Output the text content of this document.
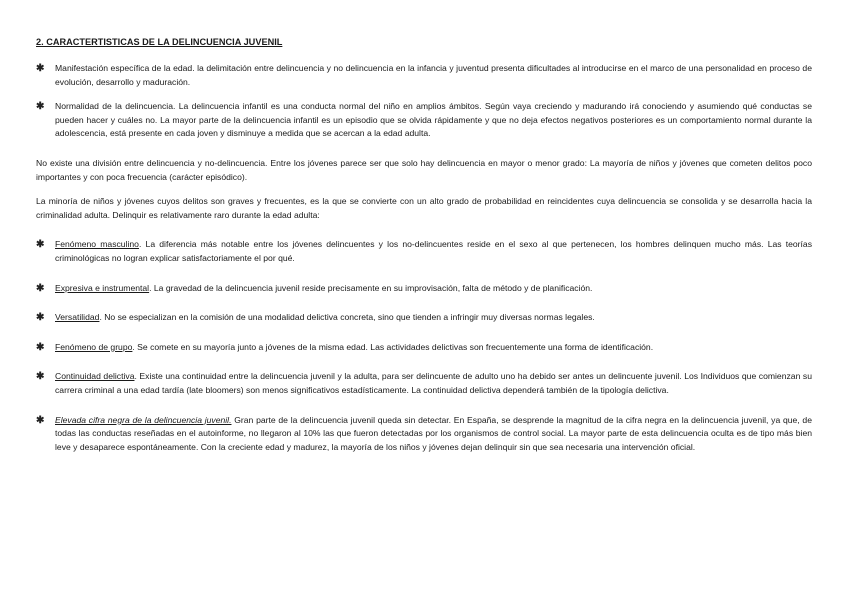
2. CARACTERTISTICAS DE LA DELINCUENCIA JUVENIL
✱	Manifestación específica de la edad. la delimitación entre delincuencia y no delincuencia en la infancia y juventud presenta dificultades al introducirse en el marco de una personalidad en proceso de evolución, desarrollo y maduración.
✱	Normalidad de la delincuencia. La delincuencia infantil es una conducta normal del niño en amplios ámbitos. Según vaya creciendo y madurando irá conociendo y asumiendo qué conductas se pueden hacer y cuáles no. La mayor parte de la delincuencia infantil es un episodio que se olvida rápidamente y que no deja efectos negativos posteriores es un comportamiento normal durante la adolescencia, está presente en cada joven y disminuye a medida que se acercan a la edad adulta.
No existe una división entre delincuencia y no-delincuencia. Entre los jóvenes parece ser que solo hay delincuencia en mayor o menor grado: La mayoría de niños y jóvenes que cometen delitos poco importantes y con poca frecuencia (carácter episódico).
La minoría de niños y jóvenes cuyos delitos son graves y frecuentes, es la que se convierte con un alto grado de probabilidad en reincidentes cuya delincuencia se consolida y se desarrolla hacia la criminalidad adulta. Delinquir es relativamente raro durante la edad adulta:
✱	Fenómeno masculino. La diferencia más notable entre los jóvenes delincuentes y los no-delincuentes reside en el sexo al que pertenecen, los hombres delinquen mucho más. Las teorías criminológicas no logran explicar satisfactoriamente el por qué.
✱	Expresiva e instrumental. La gravedad de la delincuencia juvenil reside precisamente en su improvisación, falta de método y de planificación.
✱	Versatilidad. No se especializan en la comisión de una modalidad delictiva concreta, sino que tienden a infringir muy diversas normas legales.
✱	Fenómeno de grupo. Se comete en su mayoría junto a jóvenes de la misma edad. Las actividades delictivas son frecuentemente una forma de identificación.
✱	Continuidad delictiva. Existe una continuidad entre la delincuencia juvenil y la adulta, para ser delincuente de adulto uno ha debido ser antes un delincuente juvenil. Los Individuos que comienzan su carrera criminal a una edad tardía (late bloomers) son menos significativos estadísticamente. La continuidad delictiva dependerá también de la tipología delictiva.
✱	Elevada cifra negra de la delincuencia juvenil. Gran parte de la delincuencia juvenil queda sin detectar. En España, se desprende la magnitud de la cifra negra en la delincuencia juvenil, ya que, de todas las conductas reseñadas en el autoinforme, no llegaron al 10% las que fueron detectadas por los organismos de control social. La mayor parte de esta delincuencia oculta es de tipo más bien leve y desaparece espontáneamente. Con la creciente edad y madurez, la mayoría de los niños y jóvenes dejan delinquir sin que sea necesaria una intervención oficial.
